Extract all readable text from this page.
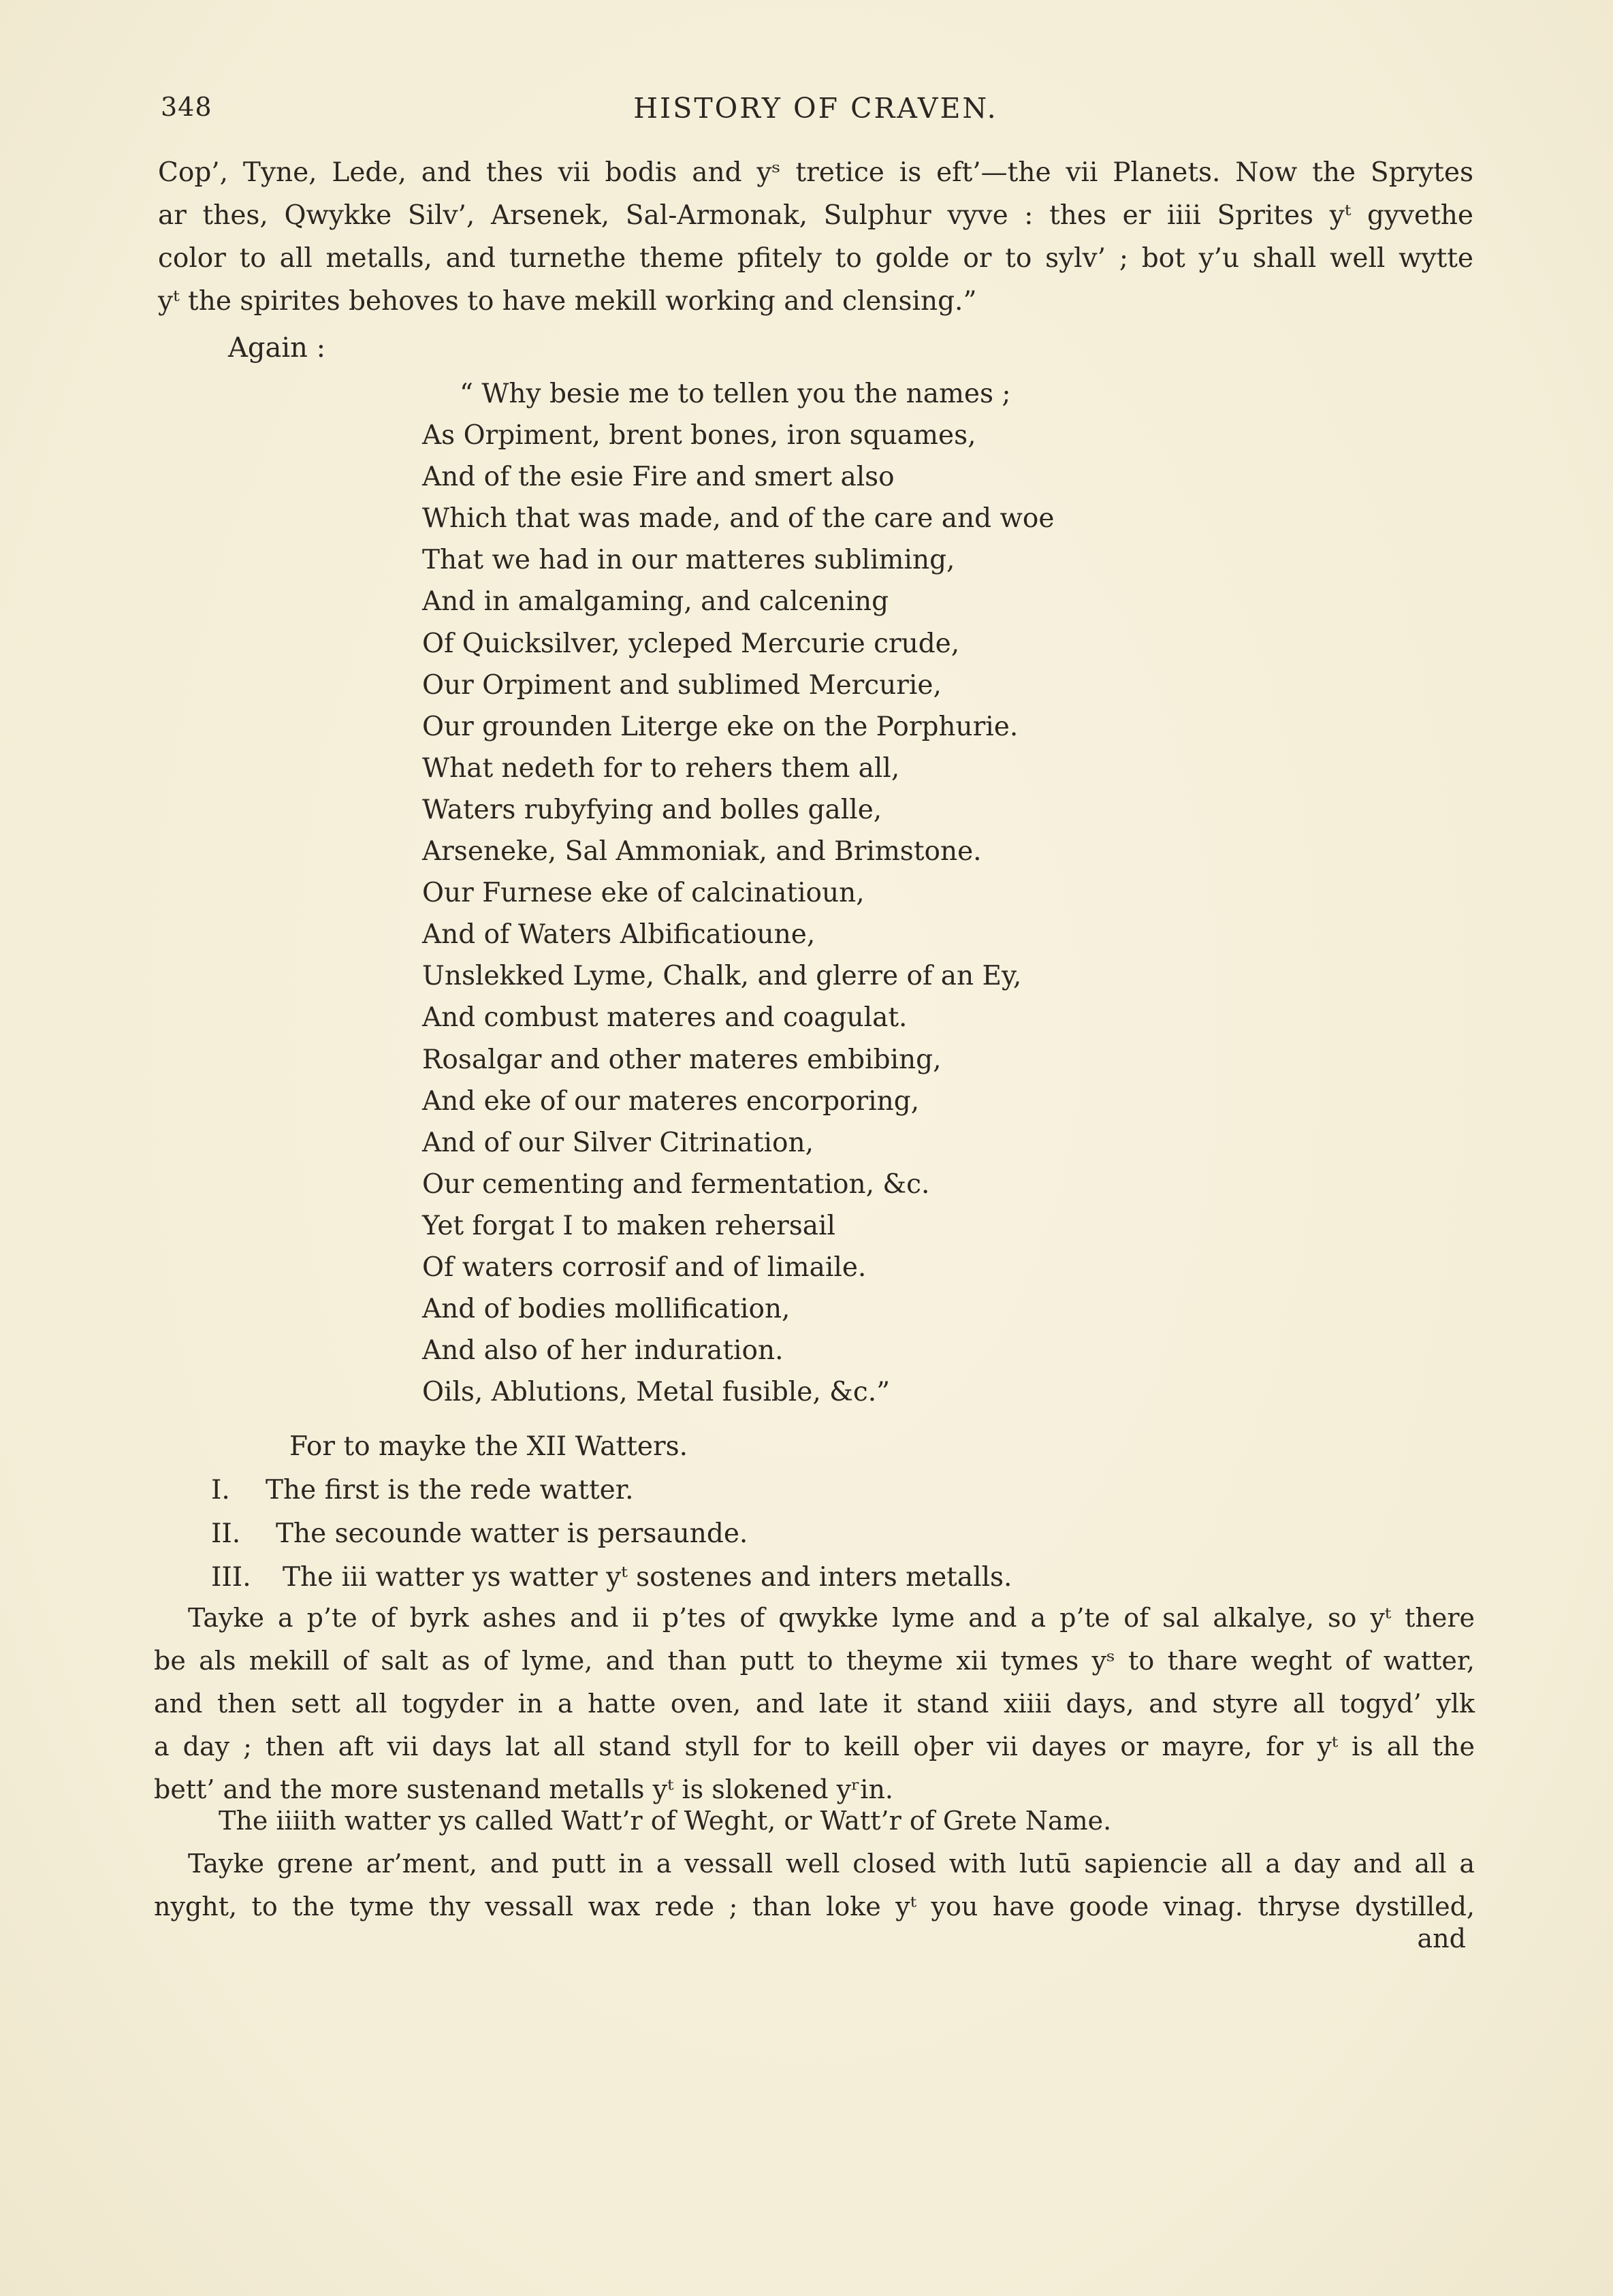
348	HISTORY OF CRAVEN.
Cop’, Tyne, Lede, and thes vii bodis and yˢ tretice is eft’—the vii Planets. Now the Sprytes
ar thes, Qwykke Silv’, Arsenek, Sal-Armonak, Sulphur vyve : thes er iiii Sprites yᵗ gyvethe
color to all metalls, and turnethe theme pfitely to golde or to sylv’ ; bot y’u shall well wytte
yᵗ the spirites behoves to have mekill working and clensing.”
Again :
“ Why besie me to tellen you the names ;
As Orpiment, brent bones, iron squames,
And of the esie Fire and smert also
Which that was made, and of the care and woe
That we had in our matteres subliming,
And in amalgaming, and calcening
Of Quicksilver, ycleped Mercurie crude,
Our Orpiment and sublimed Mercurie,
Our grounden Literge eke on the Porphurie.
What nedeth for to rehers them all,
Waters rubyfying and bolles galle,
Arseneke, Sal Ammoniak, and Brimstone.
Our Furnese eke of calcinatioun,
And of Waters Albificatioune,
Unslekked Lyme, Chalk, and glerre of an Ey,
And combust materes and coagulat.
Rosalgar and other materes embibing,
And eke of our materes encorporing,
And of our Silver Citrination,
Our cementing and fermentation, &c.
Yet forgat I to maken rehersail
Of waters corrosif and of limaile.
And of bodies mollification,
And also of her induration.
Oils, Ablutions, Metal fusible, &c.”
For to mayke the XII Watters.
I. The first is the rede watter.
II. The secounde watter is persaunde.
III. The iii watter ys watter yᵗ sostenes and inters metalls.
Tayke a p’te of byrk ashes and ii p’tes of qwykke lyme and a p’te of sal alkalye, so yᵗ there
be als mekill of salt as of lyme, and than putt to theyme xii tymes yˢ to thare weght of watter,
and then sett all togyder in a hatte oven, and late it stand xiiii days, and styre all togyd’ ylk
a day ; then aft vii days lat all stand styll for to keill oþer vii dayes or mayre, for yᵗ is all the
bett’ and the more sustenand metalls yᵗ is slokened yʳin.
The iiiith watter ys called Watt’r of Weght, or Watt’r of Grete Name.
Tayke grene ar’ment, and putt in a vessall well closed with lutū sapiencie all a day and all a
nyght, to the tyme thy vessall wax rede ; than loke yᵗ you have goode vinag. thryse dystilled,
and
